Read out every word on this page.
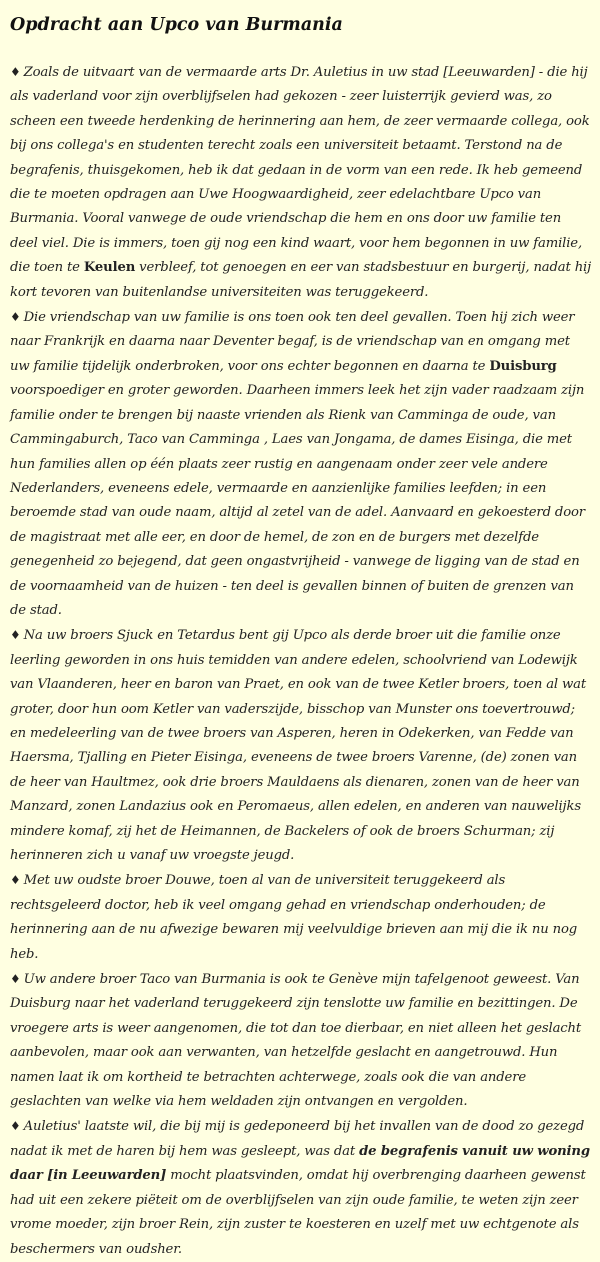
Opdracht aan Upco van Burmania

♦ Zoals de uitvaart van de vermaarde arts Dr. Auletius in uw stad [Leeuwarden] - die hij als vaderland voor zijn overblijfselen had gekozen - zeer luisterrijk gevierd was, zo scheen een tweede herdenking de herinnering aan hem, de zeer vermaarde collega, ook bij ons collega's en studenten terecht zoals een universiteit betaamt. Terstond na de begrafenis, thuisgekomen, heb ik dat gedaan in de vorm van een rede. Ik heb gemeend die te moeten opdragen aan Uwe Hoogwaardigheid, zeer edelachtbare Upco van Burmania. Vooral vanwege de oude vriendschap die hem en ons door uw familie ten deel viel. Die is immers, toen gij nog een kind waart, voor hem begonnen in uw familie, die toen te Keulen verbleef, tot genoegen en eer van stadsbestuur en burgerij, nadat hij kort tevoren van buitenlandse universiteiten was teruggekeerd.

♦ Die vriendschap van uw familie is ons toen ook ten deel gevallen. Toen hij zich weer naar Frankrijk en daarna naar Deventer begaf, is de vriendschap van en omgang met uw familie tijdelijk onderbroken, voor ons echter begonnen en daarna te Duisburg voorspoediger en groter geworden. Daarheen immers leek het zijn vader raadzaam zijn familie onder te brengen bij naaste vrienden als Rienk van Camminga de oude, van Cammingaburch, Taco van Camminga , Laes van Jongama, de dames Eisinga, die met hun families allen op één plaats zeer rustig en aangenaam onder zeer vele andere Nederlanders, eveneens edele, vermaarde en aanzienlijke families leefden; in een beroemde stad van oude naam, altijd al zetel van de adel. Aanvaard en gekoesterd door de magistraat met alle eer, en door de hemel, de zon en de burgers met dezelfde genegenheid zo bejegend, dat geen ongastvrijheid - vanwege de ligging van de stad en de voornaamheid van de huizen - ten deel is gevallen binnen of buiten de grenzen van de stad.

♦ Na uw broers Sjuck en Tetardus bent gij Upco als derde broer uit die familie onze leerling geworden in ons huis temidden van andere edelen, schoolvriend van Lodewijk van Vlaanderen, heer en baron van Praet, en ook van de twee Ketler broers, toen al wat groter, door hun oom Ketler van vaderszijde, bisschop van Munster ons toevertrouwd; en medeleerling van de twee broers van Asperen, heren in Odekerken, van Fedde van Haersma, Tjalling en Pieter Eisinga, eveneens de twee broers Varenne, (de) zonen van de heer van Haultmez, ook drie broers Mauldaens als dienaren, zonen van de heer van Manzard, zonen Landazius ook en Peromaeus, allen edelen, en anderen van nauwelijks mindere komaf, zij het de Heimannen, de Backelers of ook de broers Schurman; zij herinneren zich u vanaf uw vroegste jeugd.

♦ Met uw oudste broer Douwe, toen al van de universiteit teruggekeerd als rechtsgeleerd doctor, heb ik veel omgang gehad en vriendschap onderhouden; de herinnering aan de nu afwezige bewaren mij veelvuldige brieven aan mij die ik nu nog heb.

♦ Uw andere broer Taco van Burmania is ook te Genève mijn tafelgenoot geweest. Van Duisburg naar het vaderland teruggekeerd zijn tenslotte uw familie en bezittingen. De vroegere arts is weer aangenomen, die tot dan toe dierbaar, en niet alleen het geslacht aanbevolen, maar ook aan verwanten, van hetzelfde geslacht en aangetrouwd. Hun namen laat ik om kortheid te betrachten achterwege, zoals ook die van andere geslachten van welke via hem weldaden zijn ontvangen en vergolden.

♦ Auletius' laatste wil, die bij mij is gedeponeerd bij het invallen van de dood zo gezegd nadat ik met de haren bij hem was gesleept, was dat de begrafenis vanuit uw woning daar [in Leeuwarden] mocht plaatsvinden, omdat hij overbrenging daarheen gewenst had uit een zekere piëteit om de overblijfselen van zijn oude familie, te weten zijn zeer vrome moeder, zijn broer Rein, zijn zuster te koesteren en uzelf met uw echtgenote als beschermers van oudsher.
